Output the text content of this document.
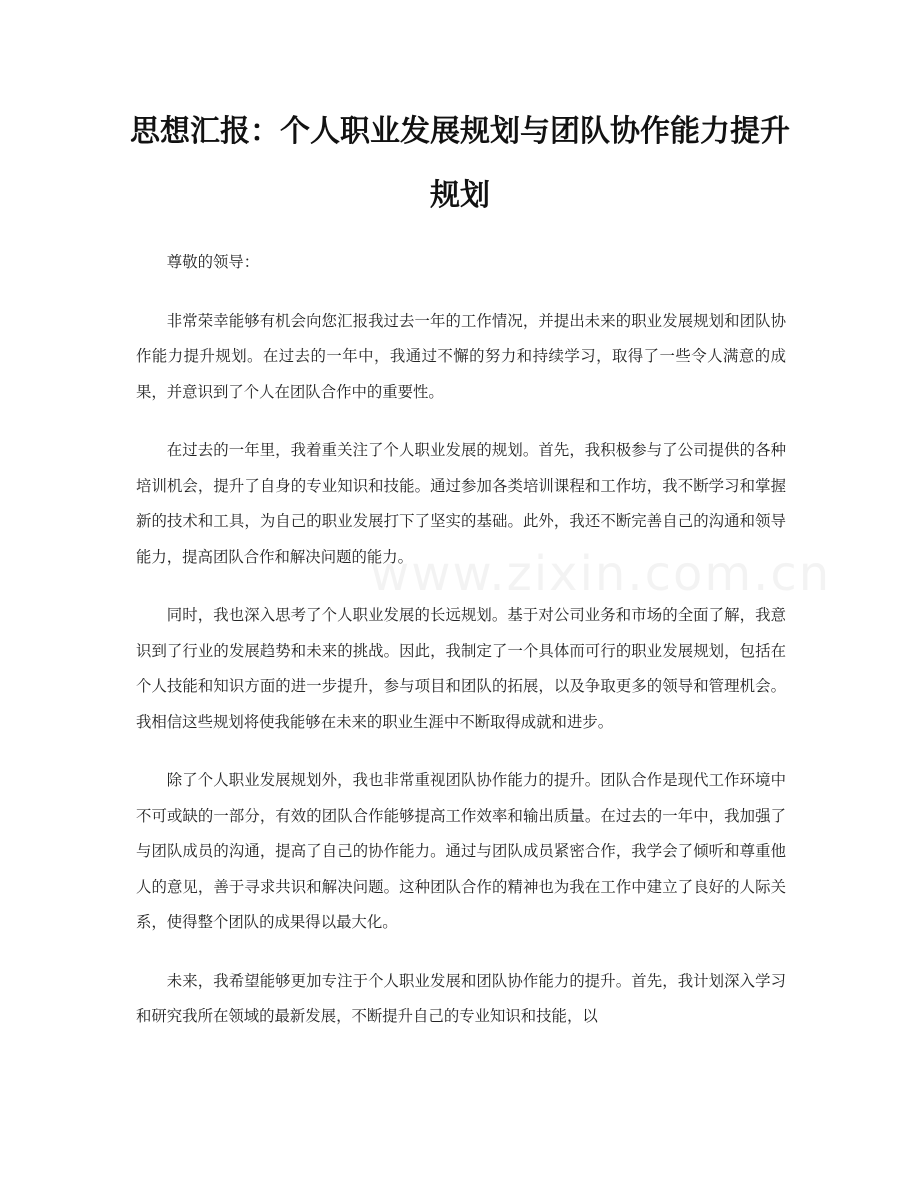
思想汇报：个人职业发展规划与团队协作能力提升规划

尊敬的领导：

非常荣幸能够有机会向您汇报我过去一年的工作情况，并提出未来的职业发展规划和团队协作能力提升规划。在过去的一年中，我通过不懈的努力和持续学习，取得了一些令人满意的成果，并意识到了个人在团队合作中的重要性。

在过去的一年里，我着重关注了个人职业发展的规划。首先，我积极参与了公司提供的各种培训机会，提升了自身的专业知识和技能。通过参加各类培训课程和工作坊，我不断学习和掌握新的技术和工具，为自己的职业发展打下了坚实的基础。此外，我还不断完善自己的沟通和领导能力，提高团队合作和解决问题的能力。

同时，我也深入思考了个人职业发展的长远规划。基于对公司业务和市场的全面了解，我意识到了行业的发展趋势和未来的挑战。因此，我制定了一个具体而可行的职业发展规划，包括在个人技能和知识方面的进一步提升，参与项目和团队的拓展，以及争取更多的领导和管理机会。我相信这些规划将使我能够在未来的职业生涯中不断取得成就和进步。

除了个人职业发展规划外，我也非常重视团队协作能力的提升。团队合作是现代工作环境中不可或缺的一部分，有效的团队合作能够提高工作效率和输出质量。在过去的一年中，我加强了与团队成员的沟通，提高了自己的协作能力。通过与团队成员紧密合作，我学会了倾听和尊重他人的意见，善于寻求共识和解决问题。这种团队合作的精神也为我在工作中建立了良好的人际关系，使得整个团队的成果得以最大化。

未来，我希望能够更加专注于个人职业发展和团队协作能力的提升。首先，我计划深入学习和研究我所在领域的最新发展，不断提升自己的专业知识和技能，以
